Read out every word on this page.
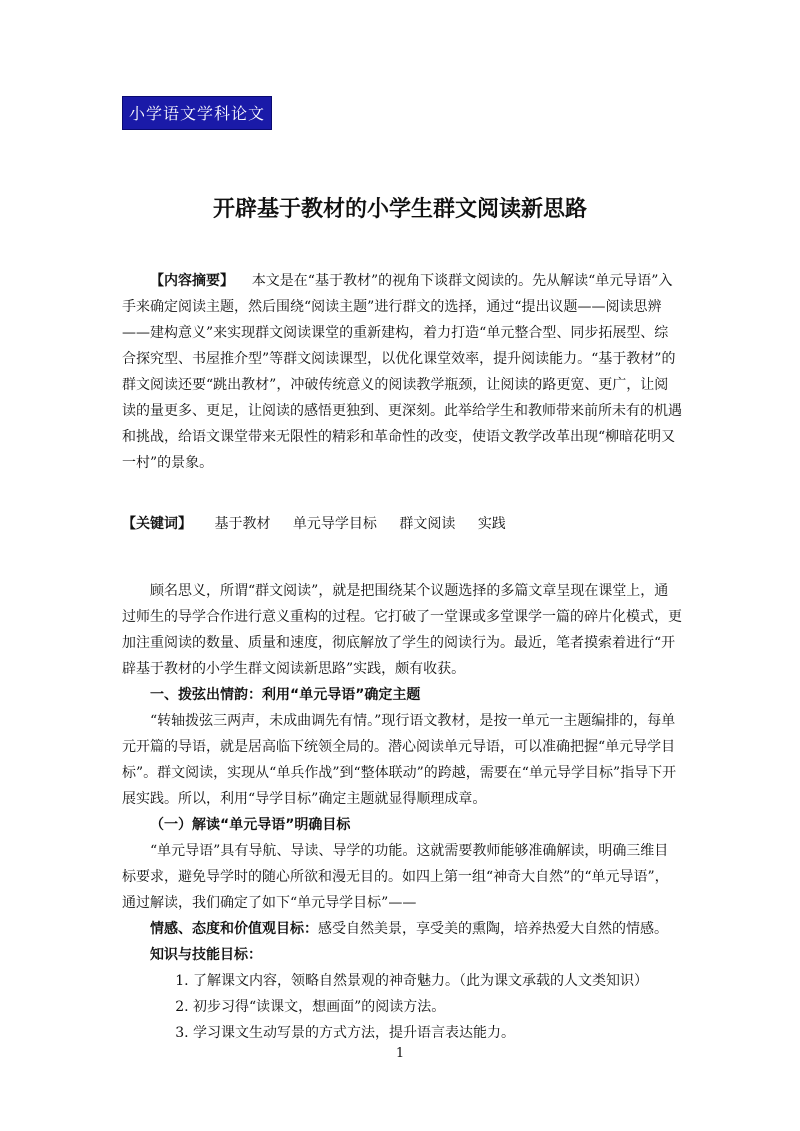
小学语文学科论文
开辟基于教材的小学生群文阅读新思路

【内容摘要】 本文是在“基于教材”的视角下谈群文阅读的。先从解读“单元导语”入手来确定阅读主题，然后围绕“阅读主题”进行群文的选择，通过“提出议题——阅读思辨——建构意义”来实现群文阅读课堂的重新建构，着力打造“单元整合型、同步拓展型、综合探究型、书屋推介型”等群文阅读课型，以优化课堂效率，提升阅读能力。“基于教材”的群文阅读还要“跳出教材”，冲破传统意义的阅读教学瓶颈，让阅读的路更宽、更广，让阅读的量更多、更足，让阅读的感悟更独到、更深刻。此举给学生和教师带来前所未有的机遇和挑战，给语文课堂带来无限性的精彩和革命性的改变，使语文教学改革出现“柳暗花明又一村”的景象。

【关键词】 基于教材 单元导学目标 群文阅读 实践

顾名思义，所谓“群文阅读”，就是把围绕某个议题选择的多篇文章呈现在课堂上，通过师生的导学合作进行意义重构的过程。它打破了一堂课或多堂课学一篇的碎片化模式，更加注重阅读的数量、质量和速度，彻底解放了学生的阅读行为。最近，笔者摸索着进行“开辟基于教材的小学生群文阅读新思路”实践，颇有收获。

一、拨弦出情韵：利用“单元导语”确定主题

“转轴拨弦三两声，未成曲调先有情。”现行语文教材，是按一单元一主题编排的，每单元开篇的导语，就是居高临下统领全局的。潜心阅读单元导语，可以准确把握“单元导学目标”。群文阅读，实现从“单兵作战”到“整体联动”的跨越，需要在“单元导学目标”指导下开展实践。所以，利用“导学目标”确定主题就显得顺理成章。

（一）解读“单元导语”明确目标

“单元导语”具有导航、导读、导学的功能。这就需要教师能够准确解读，明确三维目标要求，避免导学时的随心所欲和漫无目的。如四上第一组“神奇大自然”的“单元导语”，通过解读，我们确定了如下“单元导学目标”——

情感、态度和价值观目标：感受自然美景，享受美的熏陶，培养热爱大自然的情感。

知识与技能目标：

1. 了解课文内容，领略自然景观的神奇魅力。（此为课文承载的人文类知识）

2. 初步习得“读课文，想画面”的阅读方法。

3. 学习课文生动写景的方式方法，提升语言表达能力。

1
